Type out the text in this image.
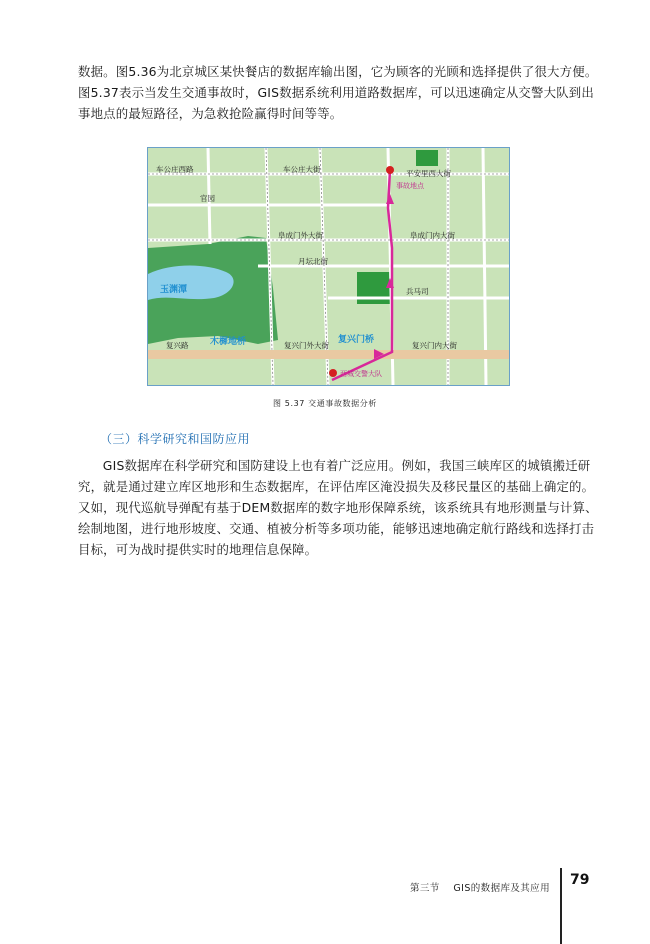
数据。图5.36为北京城区某快餐店的数据库输出图，它为顾客的光顾和选择提供了很大方便。图5.37表示当发生交通事故时，GIS数据系统利用道路数据库，可以迅速确定从交警大队到出事地点的最短路径，为急救抢险赢得时间等等。

车公庄西路	车公庄大街	平安里西大街
官园
阜成门外大街	阜成门内大街
月坛北街
兵马司
复兴门外大街	复兴门内大街
复兴路
事故地点
西城交警大队
玉渊潭
木樨地桥	复兴门桥

图 5.37 交通事故数据分析

（三）科学研究和国防应用

GIS数据库在科学研究和国防建设上也有着广泛应用。例如，我国三峡库区的城镇搬迁研究，就是通过建立库区地形和生态数据库，在评估库区淹没损失及移民量区的基础上确定的。又如，现代巡航导弹配有基于DEM数据库的数字地形保障系统，该系统具有地形测量与计算、绘制地图，进行地形坡度、交通、植被分析等多项功能，能够迅速地确定航行路线和选择打击目标，可为战时提供实时的地理信息保障。

第三节 GIS的数据库及其应用
79
